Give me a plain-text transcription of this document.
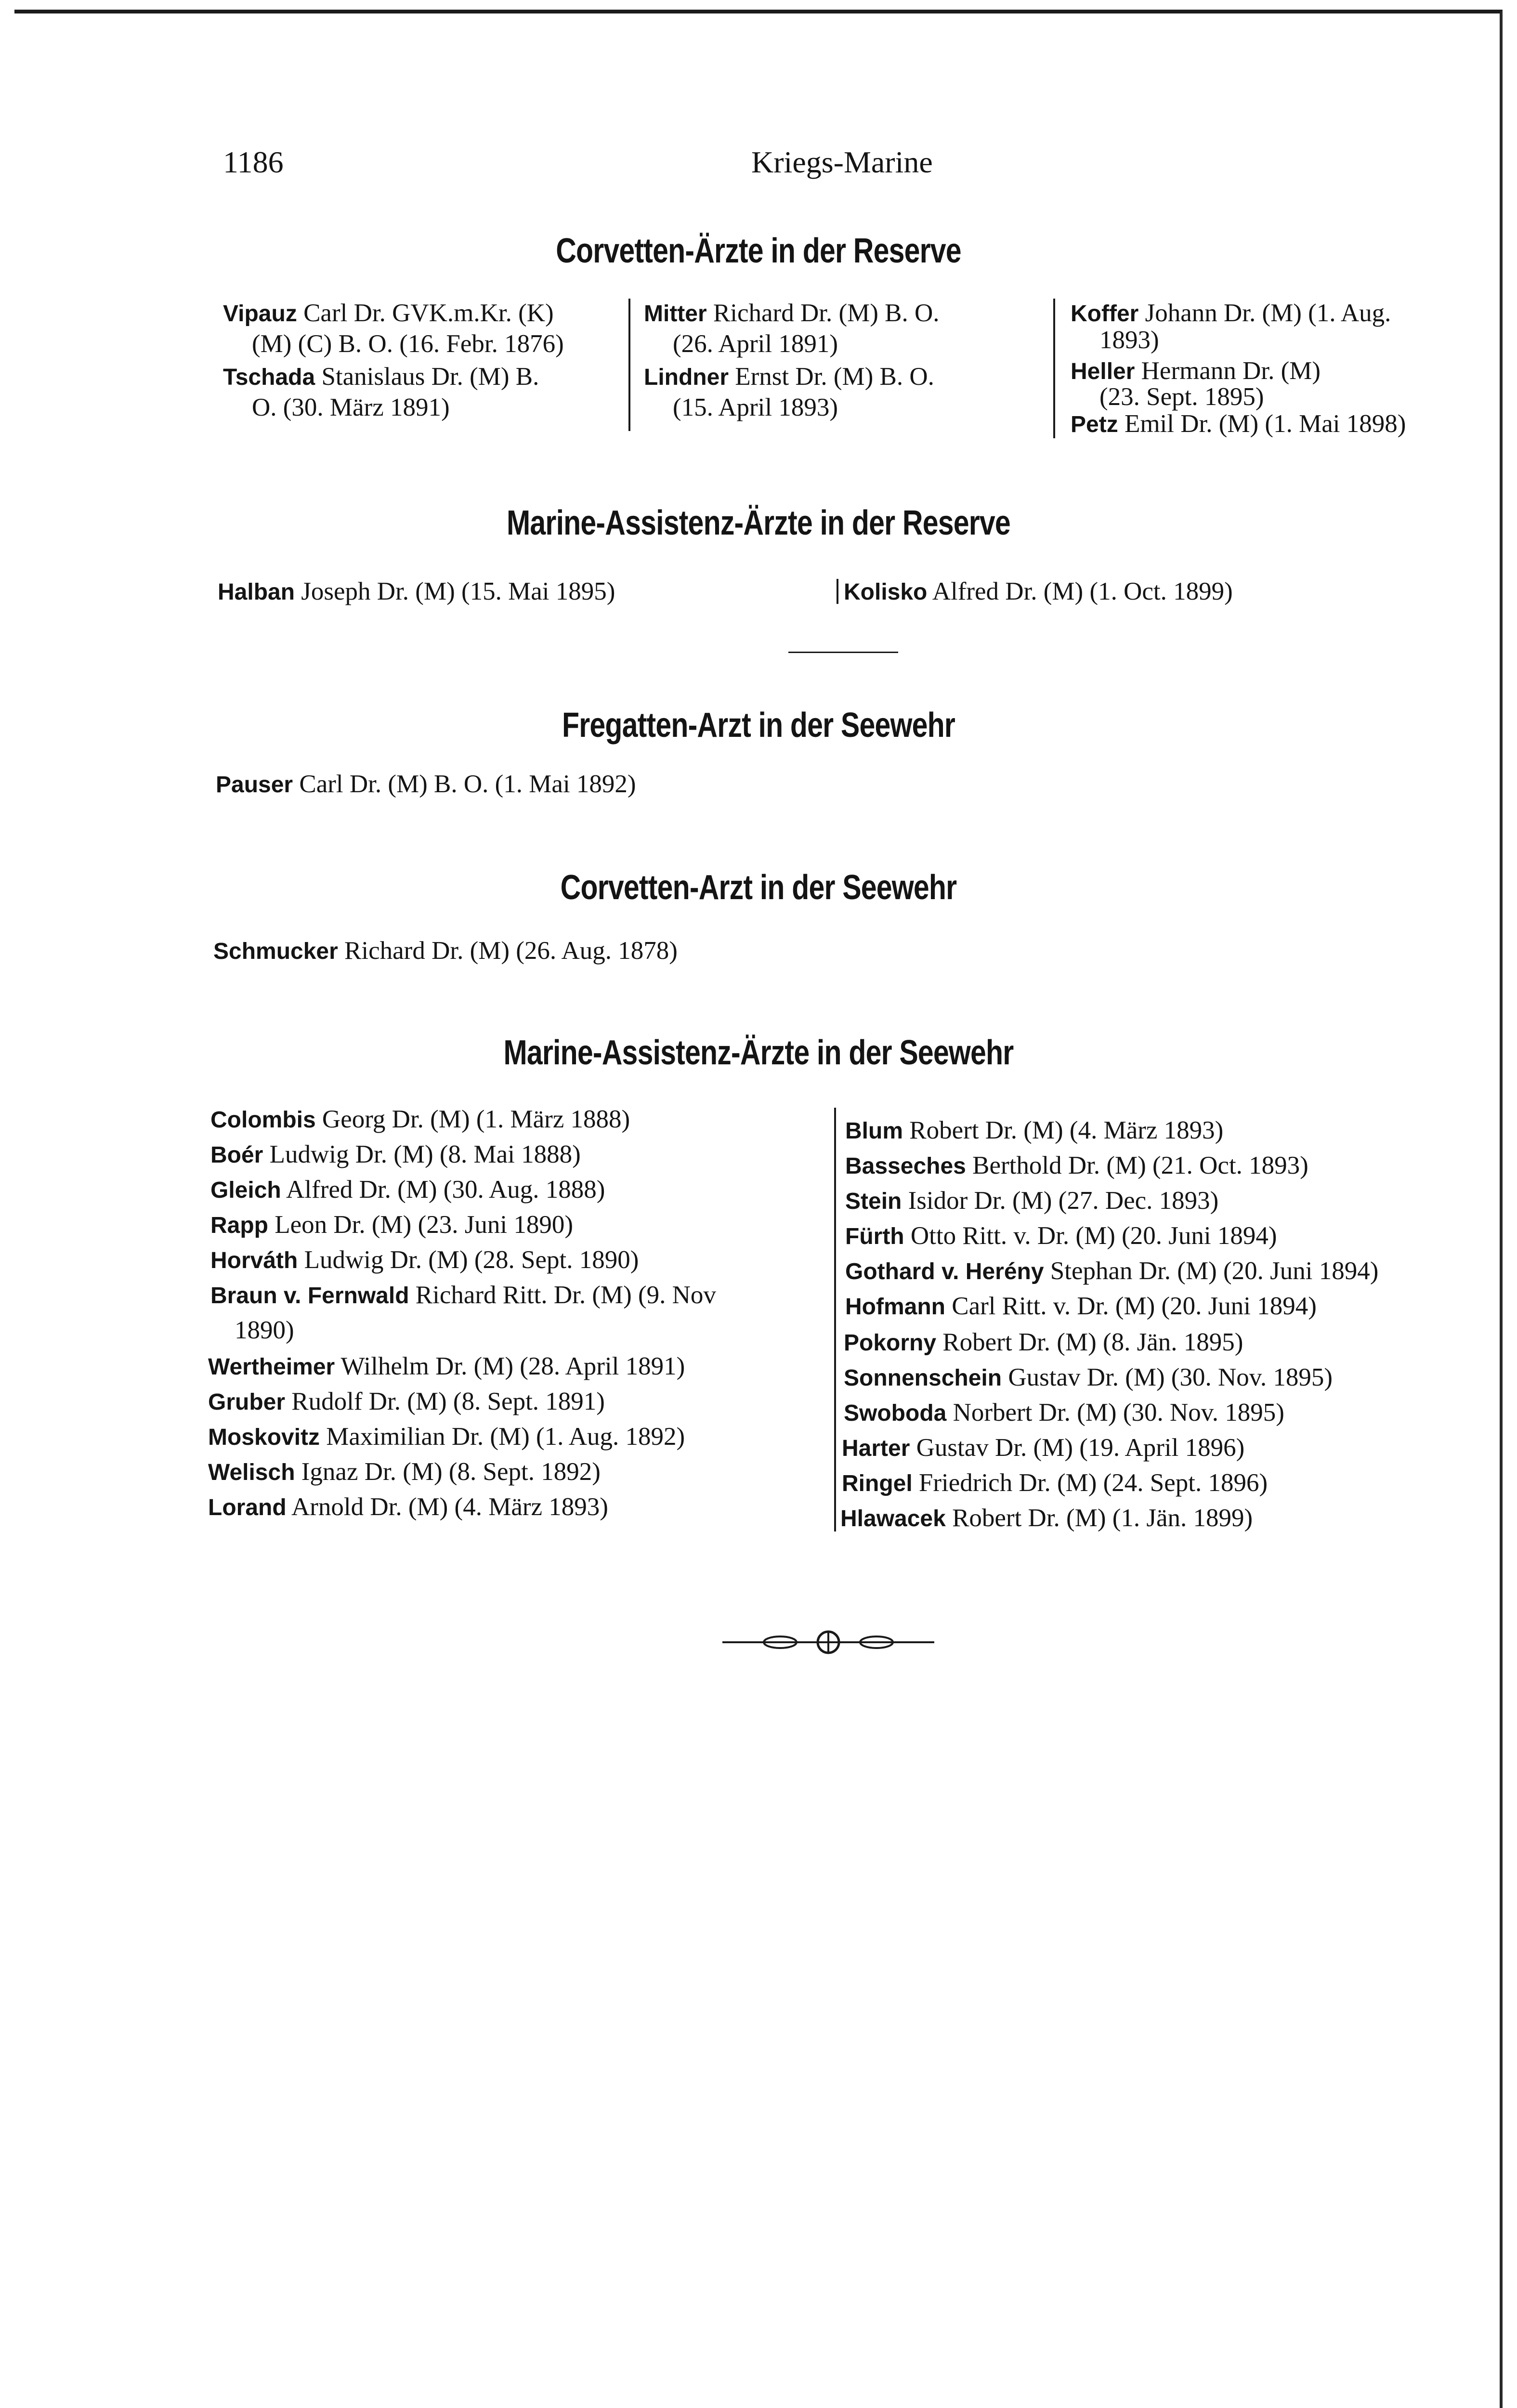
1186	Kriegs-Marine
Corvetten-Ärzte in der Reserve
Vipauz Carl Dr. GVK.m.Kr. (K)
(M) (C) B. O. (16. Febr. 1876)
Tschada Stanislaus Dr. (M) B.
O. (30. März 1891)
Mitter Richard Dr. (M) B. O.
(26. April 1891)
Lindner Ernst Dr. (M) B. O.
(15. April 1893)
Koffer Johann Dr. (M) (1. Aug.
1893)
Heller Hermann Dr. (M)
(23. Sept. 1895)
Petz Emil Dr. (M) (1. Mai 1898)
Marine-Assistenz-Ärzte in der Reserve
Halban Joseph Dr. (M) (15. Mai 1895)	Kolisko Alfred Dr. (M) (1. Oct. 1899)
Fregatten-Arzt in der Seewehr
Pauser Carl Dr. (M) B. O. (1. Mai 1892)
Corvetten-Arzt in der Seewehr
Schmucker Richard Dr. (M) (26. Aug. 1878)
Marine-Assistenz-Ärzte in der Seewehr
Colombis Georg Dr. (M) (1. März 1888)
Boér Ludwig Dr. (M) (8. Mai 1888)
Gleich Alfred Dr. (M) (30. Aug. 1888)
Rapp Leon Dr. (M) (23. Juni 1890)
Horváth Ludwig Dr. (M) (28. Sept. 1890)
Braun v. Fernwald Richard Ritt. Dr. (M) (9. Nov
1890)
Wertheimer Wilhelm Dr. (M) (28. April 1891)
Gruber Rudolf Dr. (M) (8. Sept. 1891)
Moskovitz Maximilian Dr. (M) (1. Aug. 1892)
Welisch Ignaz Dr. (M) (8. Sept. 1892)
Lorand Arnold Dr. (M) (4. März 1893)
Blum Robert Dr. (M) (4. März 1893)
Basseches Berthold Dr. (M) (21. Oct. 1893)
Stein Isidor Dr. (M) (27. Dec. 1893)
Fürth Otto Ritt. v. Dr. (M) (20. Juni 1894)
Gothard v. Herény Stephan Dr. (M) (20. Juni 1894)
Hofmann Carl Ritt. v. Dr. (M) (20. Juni 1894)
Pokorny Robert Dr. (M) (8. Jän. 1895)
Sonnenschein Gustav Dr. (M) (30. Nov. 1895)
Swoboda Norbert Dr. (M) (30. Nov. 1895)
Harter Gustav Dr. (M) (19. April 1896)
Ringel Friedrich Dr. (M) (24. Sept. 1896)
Hlawacek Robert Dr. (M) (1. Jän. 1899)
